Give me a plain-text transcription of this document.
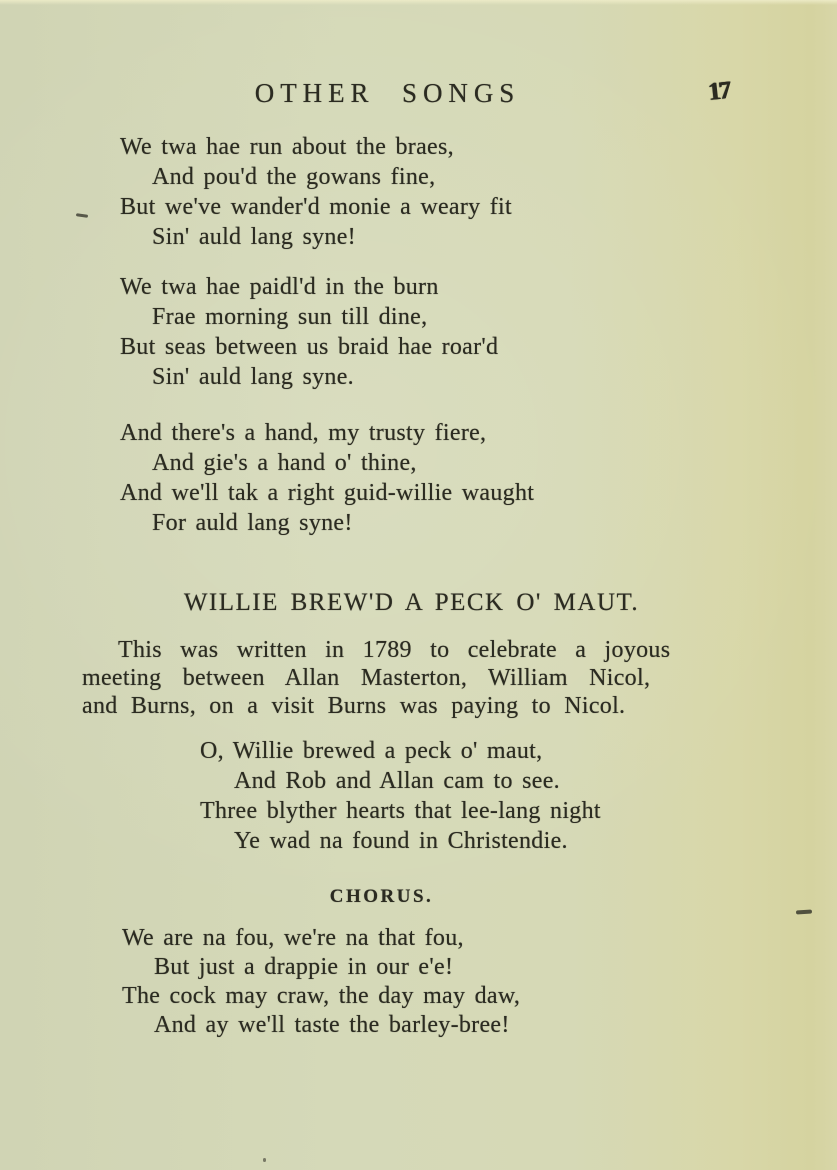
OTHER SONGS	17
We twa hae run about the braes,
And pou'd the gowans fine,
But we've wander'd monie a weary fit
Sin' auld lang syne!
We twa hae paidl'd in the burn
Frae morning sun till dine,
But seas between us braid hae roar'd
Sin' auld lang syne.
And there's a hand, my trusty fiere,
And gie's a hand o' thine,
And we'll tak a right guid-willie waught
For auld lang syne!
WILLIE BREW'D A PECK O' MAUT.
This was written in 1789 to celebrate a joyous
meeting between Allan Masterton, William Nicol,
and Burns, on a visit Burns was paying to Nicol.
O, Willie brewed a peck o' maut,
And Rob and Allan cam to see.
Three blyther hearts that lee-lang night
Ye wad na found in Christendie.
CHORUS.
We are na fou, we're na that fou,
But just a drappie in our e'e!
The cock may craw, the day may daw,
And ay we'll taste the barley-bree!
